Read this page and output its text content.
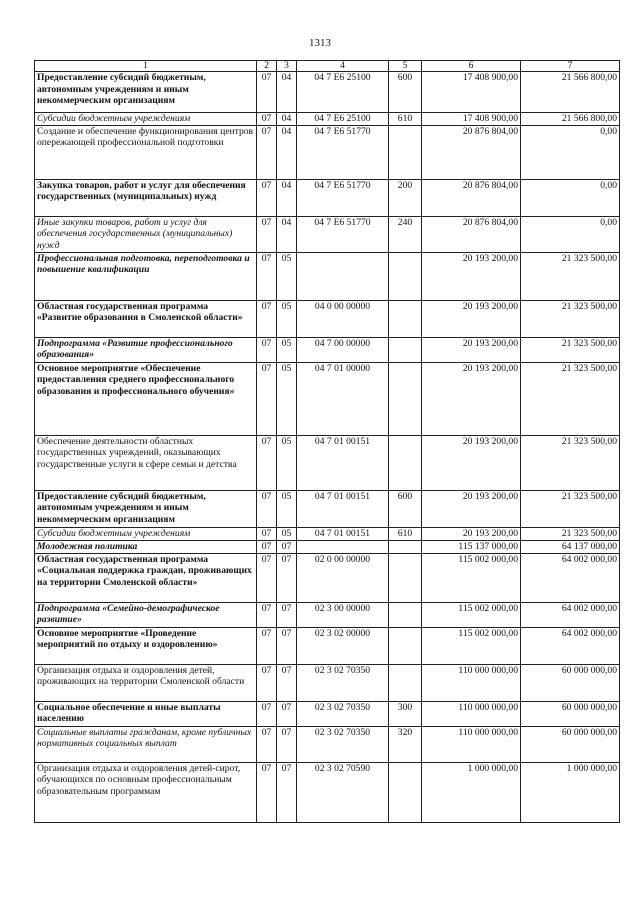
1313
1	2	3	4	5	6	7
Предоставление субсидий бюджетным, автономным учреждениям и иным некоммерческим организациям	07	04	04 7 Е6 25100	600	17 408 900,00	21 566 800,00
Субсидии бюджетным учреждениям	07	04	04 7 Е6 25100	610	17 408 900,00	21 566 800,00
Создание и обеспечение функционирования центров опережающей профессиональной подготовки	07	04	04 7 Е6 51770		20 876 804,00	0,00
Закупка товаров, работ и услуг для обеспечения государственных (муниципальных) нужд	07	04	04 7 Е6 51770	200	20 876 804,00	0,00
Иные закупки товаров, работ и услуг для обеспечения государственных (муниципальных) нужд	07	04	04 7 Е6 51770	240	20 876 804,00	0,00
Профессиональная подготовка, переподготовка и повышение квалификации	07	05			20 193 200,00	21 323 500,00
Областная государственная программа «Развитие образования в Смоленской области»	07	05	04 0 00 00000		20 193 200,00	21 323 500,00
Подпрограмма «Развитие профессионального образования»	07	05	04 7 00 00000		20 193 200,00	21 323 500,00
Основное мероприятие «Обеспечение предоставления среднего профессионального образования и профессионального обучения»	07	05	04 7 01 00000		20 193 200,00	21 323 500,00
Обеспечение деятельности областных государственных учреждений, оказывающих государственные услуги в сфере семьи и детства	07	05	04 7 01 00151		20 193 200,00	21 323 500,00
Предоставление субсидий бюджетным, автономным учреждениям и иным некоммерческим организациям	07	05	04 7 01 00151	600	20 193 200,00	21 323 500,00
Субсидии бюджетным учреждениям	07	05	04 7 01 00151	610	20 193 200,00	21 323 500,00
Молодежная политика	07	07			115 137 000,00	64 137 000,00
Областная государственная программа «Социальная поддержка граждан, проживающих на территории Смоленской области»	07	07	02 0 00 00000		115 002 000,00	64 002 000,00
Подпрограмма «Семейно-демографическое развитие»	07	07	02 3 00 00000		115 002 000,00	64 002 000,00
Основное мероприятие «Проведение мероприятий по отдыху и оздоровлению»	07	07	02 3 02 00000		115 002 000,00	64 002 000,00
Организация отдыха и оздоровления детей, проживающих на территории Смоленской области	07	07	02 3 02 70350		110 000 000,00	60 000 000,00
Социальное обеспечение и иные выплаты населению	07	07	02 3 02 70350	300	110 000 000,00	60 000 000,00
Социальные выплаты гражданам, кроме публичных нормативных социальных выплат	07	07	02 3 02 70350	320	110 000 000,00	60 000 000,00
Организация отдыха и оздоровления детей-сирот, обучающихся по основным профессиональным образовательным программам	07	07	02 3 02 70590		1 000 000,00	1 000 000,00
